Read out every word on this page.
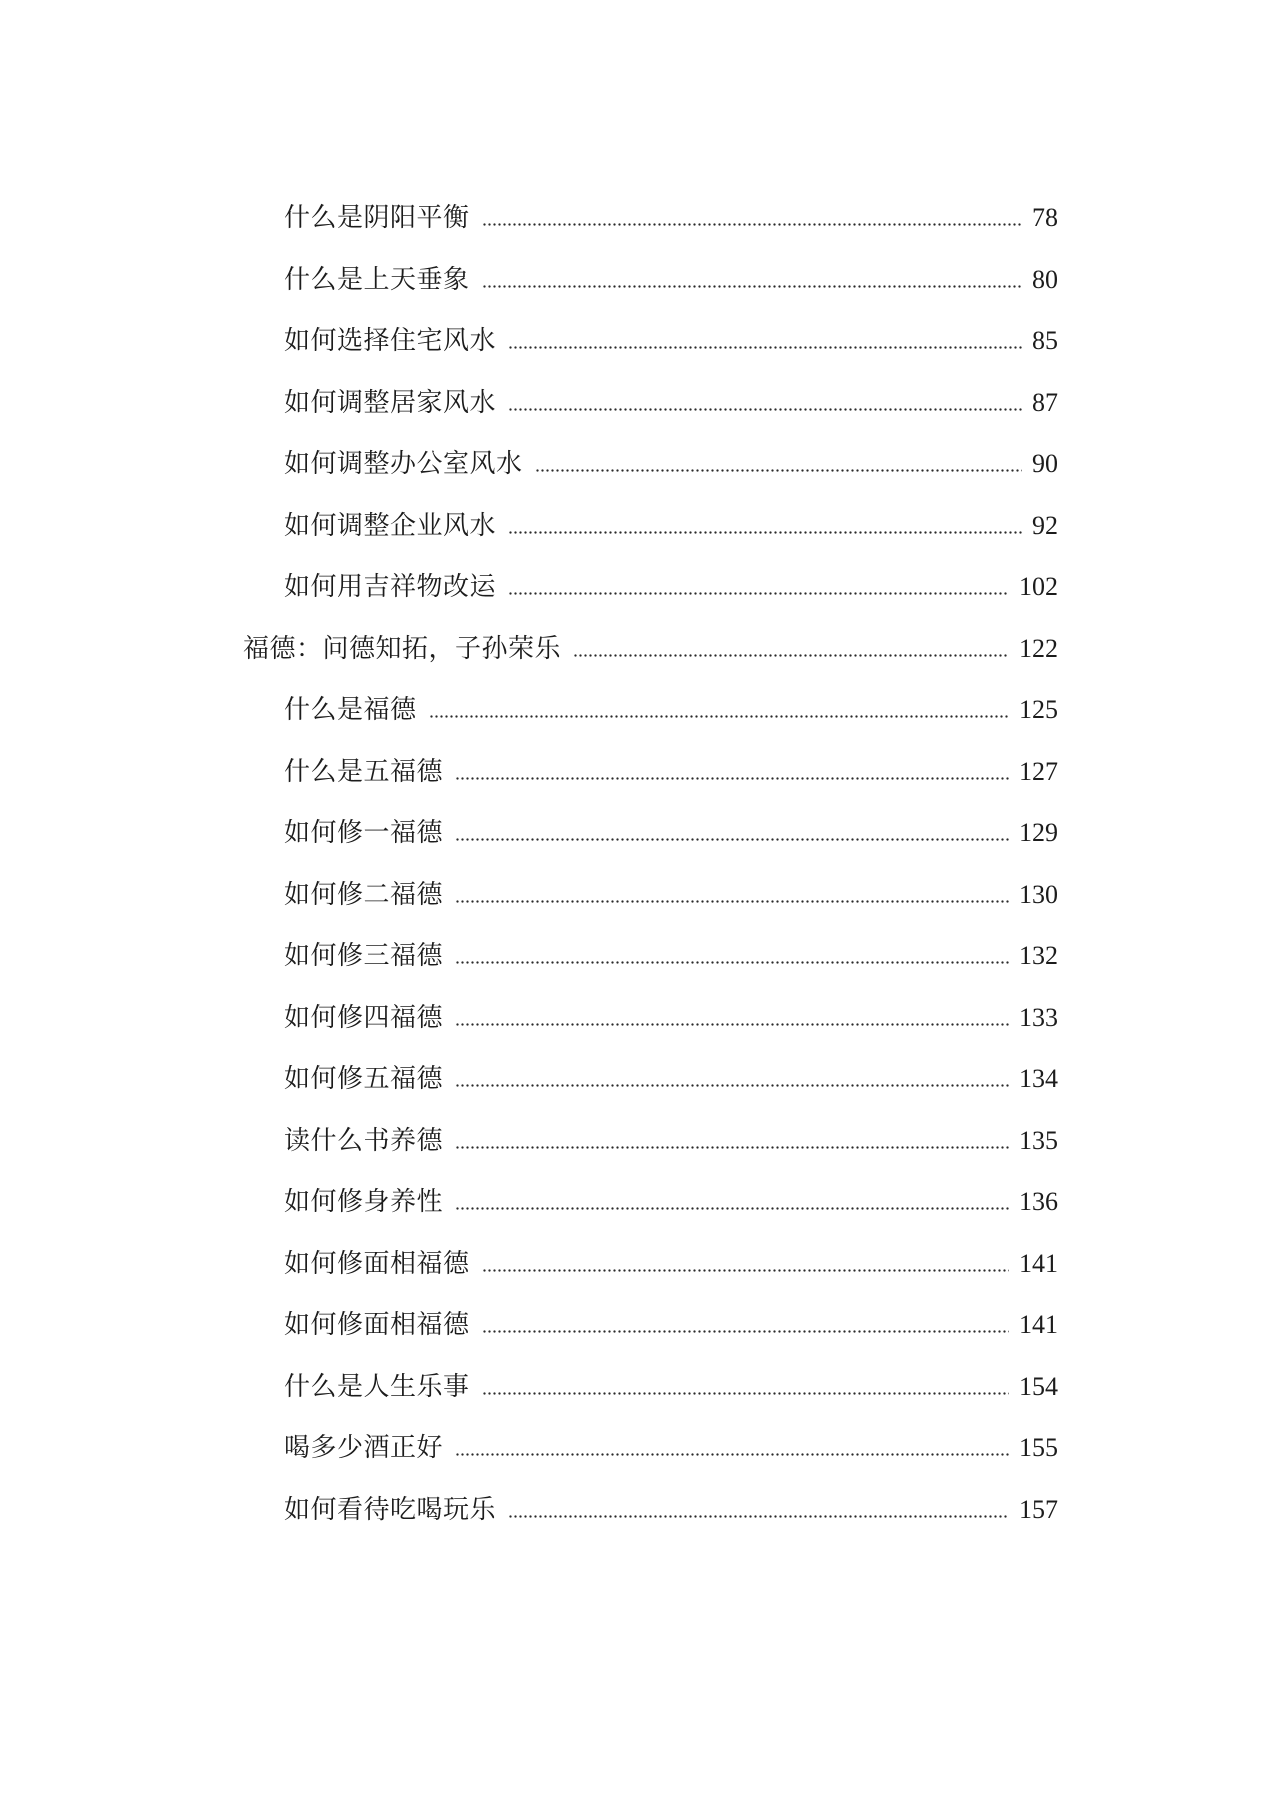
什么是阴阳平衡	78
什么是上天垂象	80
如何选择住宅风水	85
如何调整居家风水	87
如何调整办公室风水	90
如何调整企业风水	92
如何用吉祥物改运	102
福德：问德知拓，子孙荣乐	122
什么是福德	125
什么是五福德	127
如何修一福德	129
如何修二福德	130
如何修三福德	132
如何修四福德	133
如何修五福德	134
读什么书养德	135
如何修身养性	136
如何修面相福德	141
如何修面相福德	141
什么是人生乐事	154
喝多少酒正好	155
如何看待吃喝玩乐	157
